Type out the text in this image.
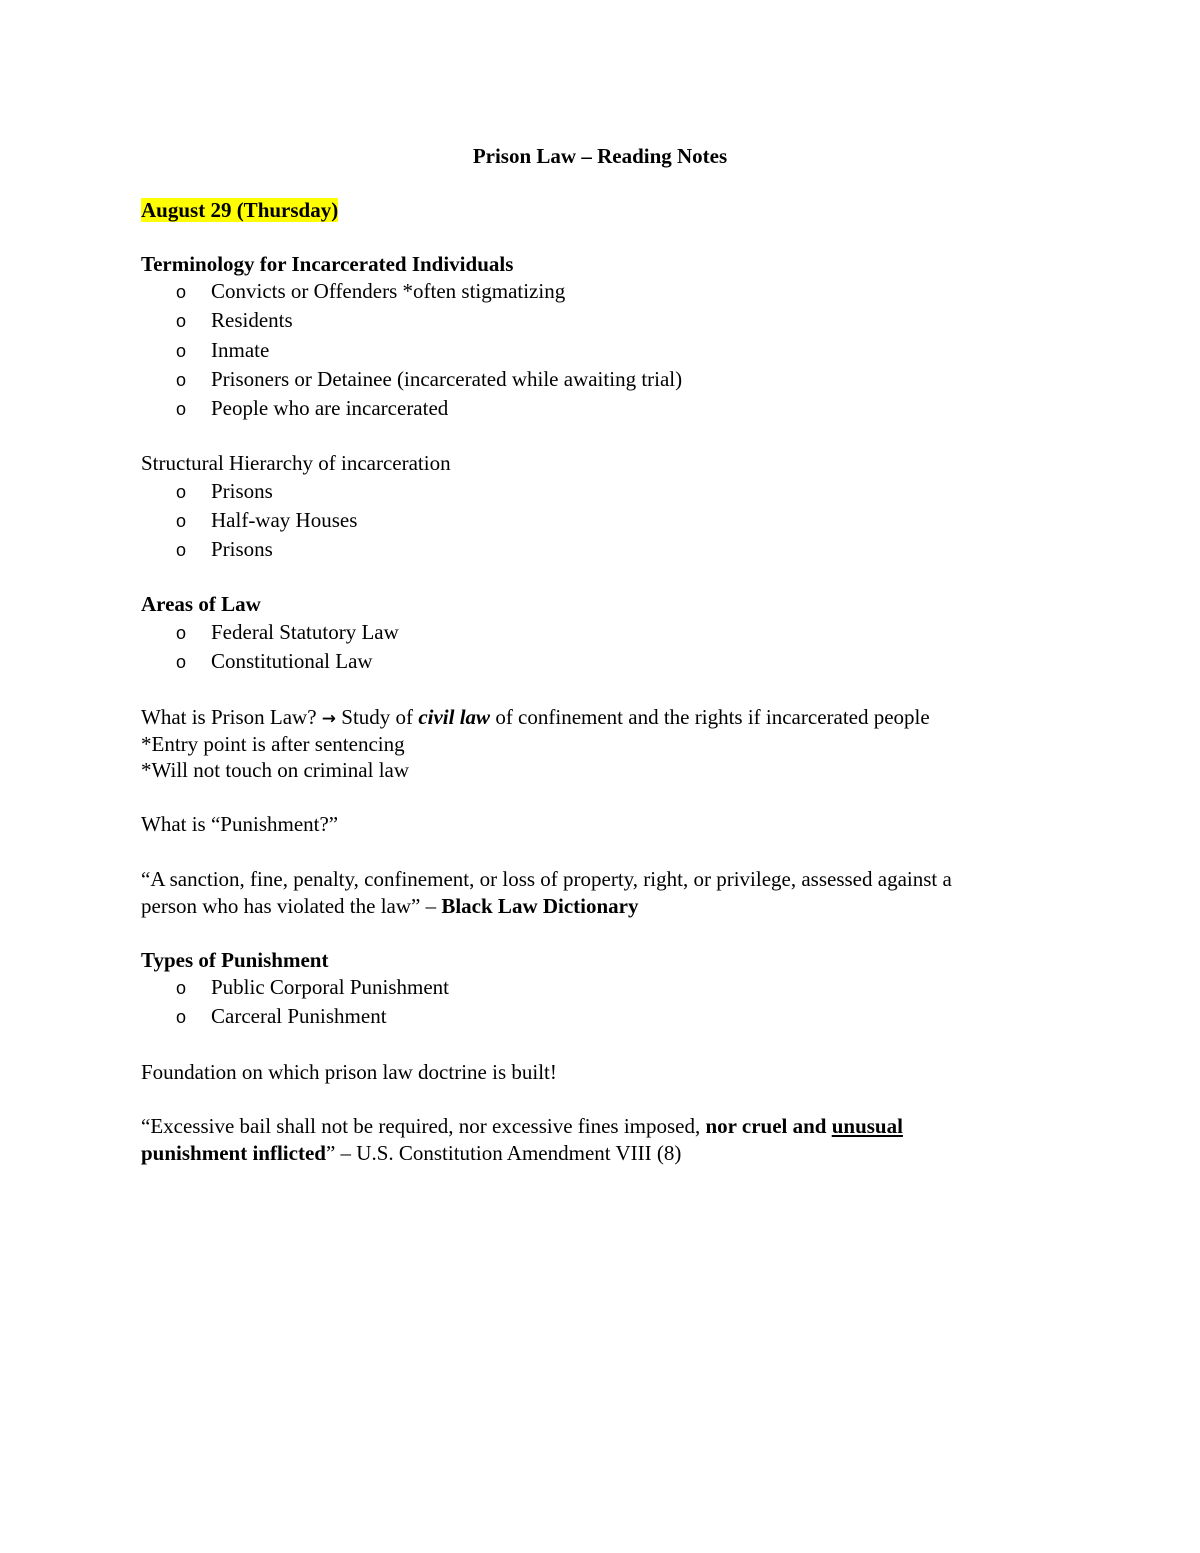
Prison Law – Reading Notes
August 29 (Thursday)
Terminology for Incarcerated Individuals
o Convicts or Offenders *often stigmatizing
o Residents
o Inmate
o Prisoners or Detainee (incarcerated while awaiting trial)
o People who are incarcerated
Structural Hierarchy of incarceration
o Prisons
o Half-way Houses
o Prisons
Areas of Law
o Federal Statutory Law
o Constitutional Law
What is Prison Law? → Study of civil law of confinement and the rights if incarcerated people
*Entry point is after sentencing
*Will not touch on criminal law
What is “Punishment?”
“A sanction, fine, penalty, confinement, or loss of property, right, or privilege, assessed against a
person who has violated the law” – Black Law Dictionary
Types of Punishment
o Public Corporal Punishment
o Carceral Punishment
Foundation on which prison law doctrine is built!
“Excessive bail shall not be required, nor excessive fines imposed, nor cruel and unusual
punishment inflicted” – U.S. Constitution Amendment VIII (8)
